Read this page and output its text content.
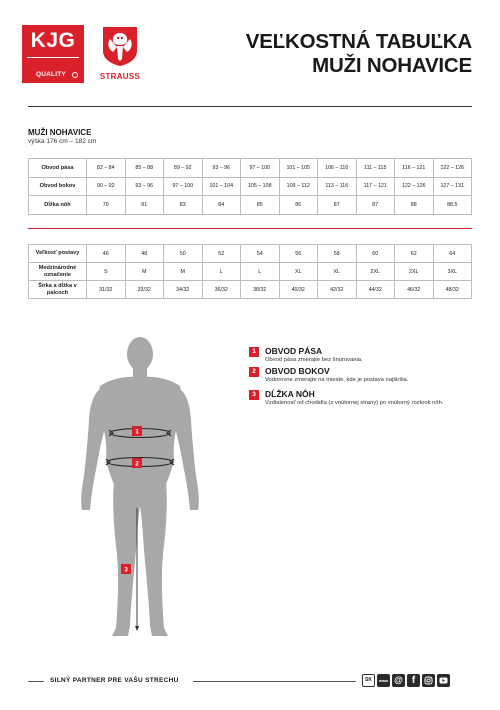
KJG
QUALITY	STRAUSS
VEĽKOSTNÁ TABUĽKA
MUŽI NOHAVICE
MUŽI NOHAVICE
výška 176 cm – 182 cm
Obvod pása	82 – 84	85 – 88	89 – 92	93 – 96	97 – 100	101 – 105	106 – 110	111 – 115	116 – 121	122 – 126
Obvod bokov	90 – 92	93 – 96	97 – 100	101 – 104	105 – 108	109 – 112	113 – 116	117 – 121	122 – 126	127 – 131
Dĺžka nôh	79	81	83	84	85	86	87	87	88	88,5
Veľkosť postavy	46	48	50	52	54	56	58	60	62	64
Medzinárodné označenie	S	M	M	L	L	XL	XL	2XL	2XL	3XL
Šírka a dĺžka v palcoch	31/32	33/32	34/32	36/32	38/32	40/32	42/32	44/32	46/32	48/32
1
2
3
1	OBVOD PÁSA
Obvod pása zmerajte bez šnurovania.
2	OBVOD BOKOV
Vodorovne zmerajte na mieste, kde je postava najširšia.
3	DĹŽKA NÔH
Vzdialenosť od chodidla (z vnútornej strany) po vnútorný rozkrok nôh.
SILNÝ PARTNER PRE VAŠU STRECHU	SK	www @ f
